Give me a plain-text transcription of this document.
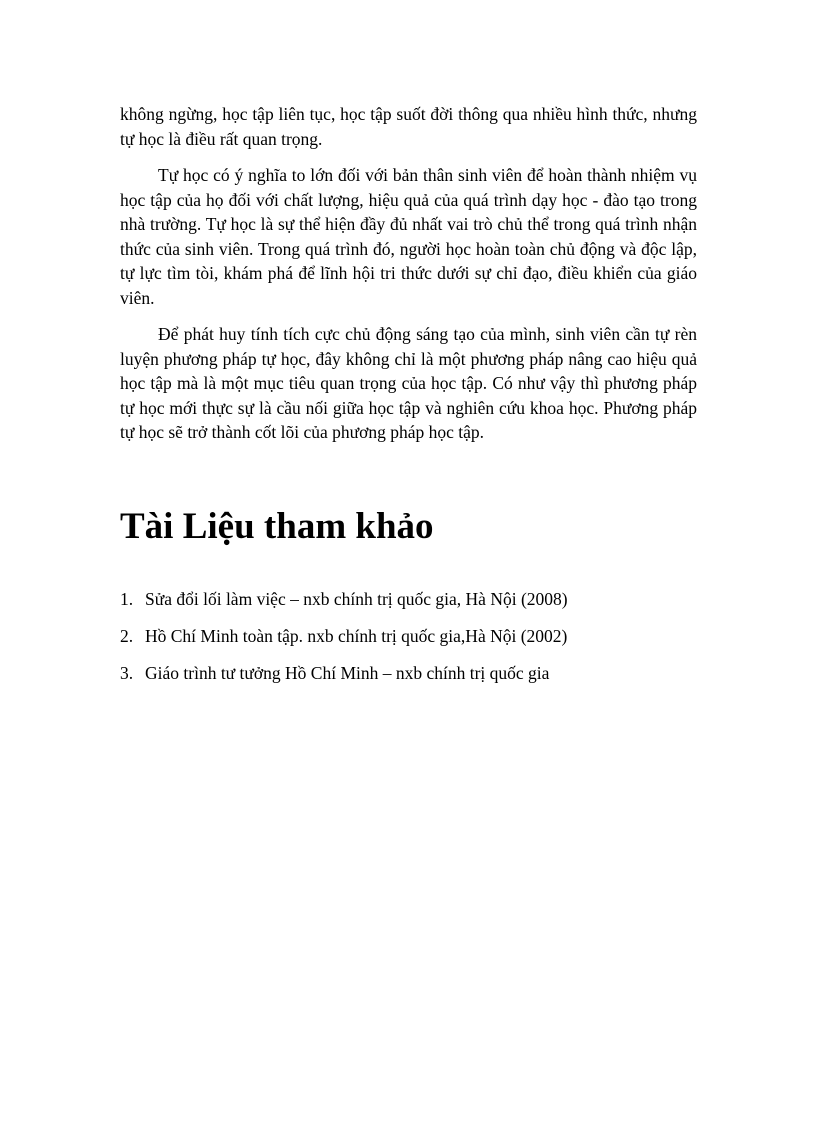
không ngừng, học tập liên tục, học tập suốt đời thông qua nhiều hình thức, nhưng tự học là điều rất quan trọng.

Tự học có ý nghĩa to lớn đối với bản thân sinh viên để hoàn thành nhiệm vụ học tập của họ đối với chất lượng, hiệu quả của quá trình dạy học - đào tạo trong nhà trường. Tự học là sự thể hiện đầy đủ nhất vai trò chủ thể trong quá trình nhận thức của sinh viên. Trong quá trình đó, người học hoàn toàn chủ động và độc lập, tự lực tìm tòi, khám phá để lĩnh hội tri thức dưới sự chỉ đạo, điều khiển của giáo viên.

Để phát huy tính tích cực chủ động sáng tạo của mình, sinh viên cần tự rèn luyện phương pháp tự học, đây không chỉ là một phương pháp nâng cao hiệu quả học tập mà là một mục tiêu quan trọng của học tập. Có như vậy thì phương pháp tự học mới thực sự là cầu nối giữa học tập và nghiên cứu khoa học. Phương pháp tự học sẽ trở thành cốt lõi của phương pháp học tập.

Tài Liệu tham khảo
1. Sửa đổi lối làm việc – nxb chính trị quốc gia, Hà Nội (2008)
2. Hồ Chí Minh toàn tập. nxb chính trị quốc gia,Hà Nội (2002)
3. Giáo trình tư tưởng Hồ Chí Minh – nxb chính trị quốc gia
